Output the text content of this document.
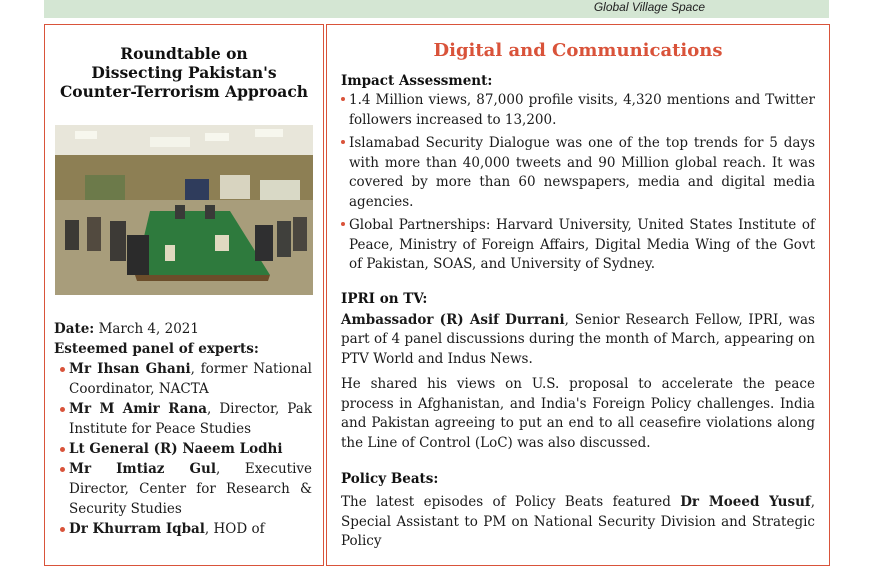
Global Village Space
Roundtable on
Dissecting Pakistan's
Counter-Terrorism Approach
Date: March 4, 2021
Esteemed panel of experts:
Mr Ihsan Ghani, former National Coordinator, NACTA
Mr M Amir Rana, Director, Pak Institute for Peace Studies
Lt General (R) Naeem Lodhi
Mr Imtiaz Gul, Executive Director, Center for Research & Security Studies
Dr Khurram Iqbal, HOD of
Digital and Communications
Impact Assessment:
1.4 Million views, 87,000 profile visits, 4,320 mentions and Twitter followers increased to 13,200.
Islamabad Security Dialogue was one of the top trends for 5 days with more than 40,000 tweets and 90 Million global reach. It was covered by more than 60 newspapers, media and digital media agencies.
Global Partnerships: Harvard University, United States Institute of Peace, Ministry of Foreign Affairs, Digital Media Wing of the Govt of Pakistan, SOAS, and University of Sydney.
IPRI on TV:
Ambassador (R) Asif Durrani, Senior Research Fellow, IPRI, was part of 4 panel discussions during the month of March, appearing on PTV World and Indus News.
He shared his views on U.S. proposal to accelerate the peace process in Afghanistan, and India's Foreign Policy challenges. India and Pakistan agreeing to put an end to all ceasefire violations along the Line of Control (LoC) was also discussed.
Policy Beats:
The latest episodes of Policy Beats featured Dr Moeed Yusuf, Special Assistant to PM on National Security Division and Strategic Policy
